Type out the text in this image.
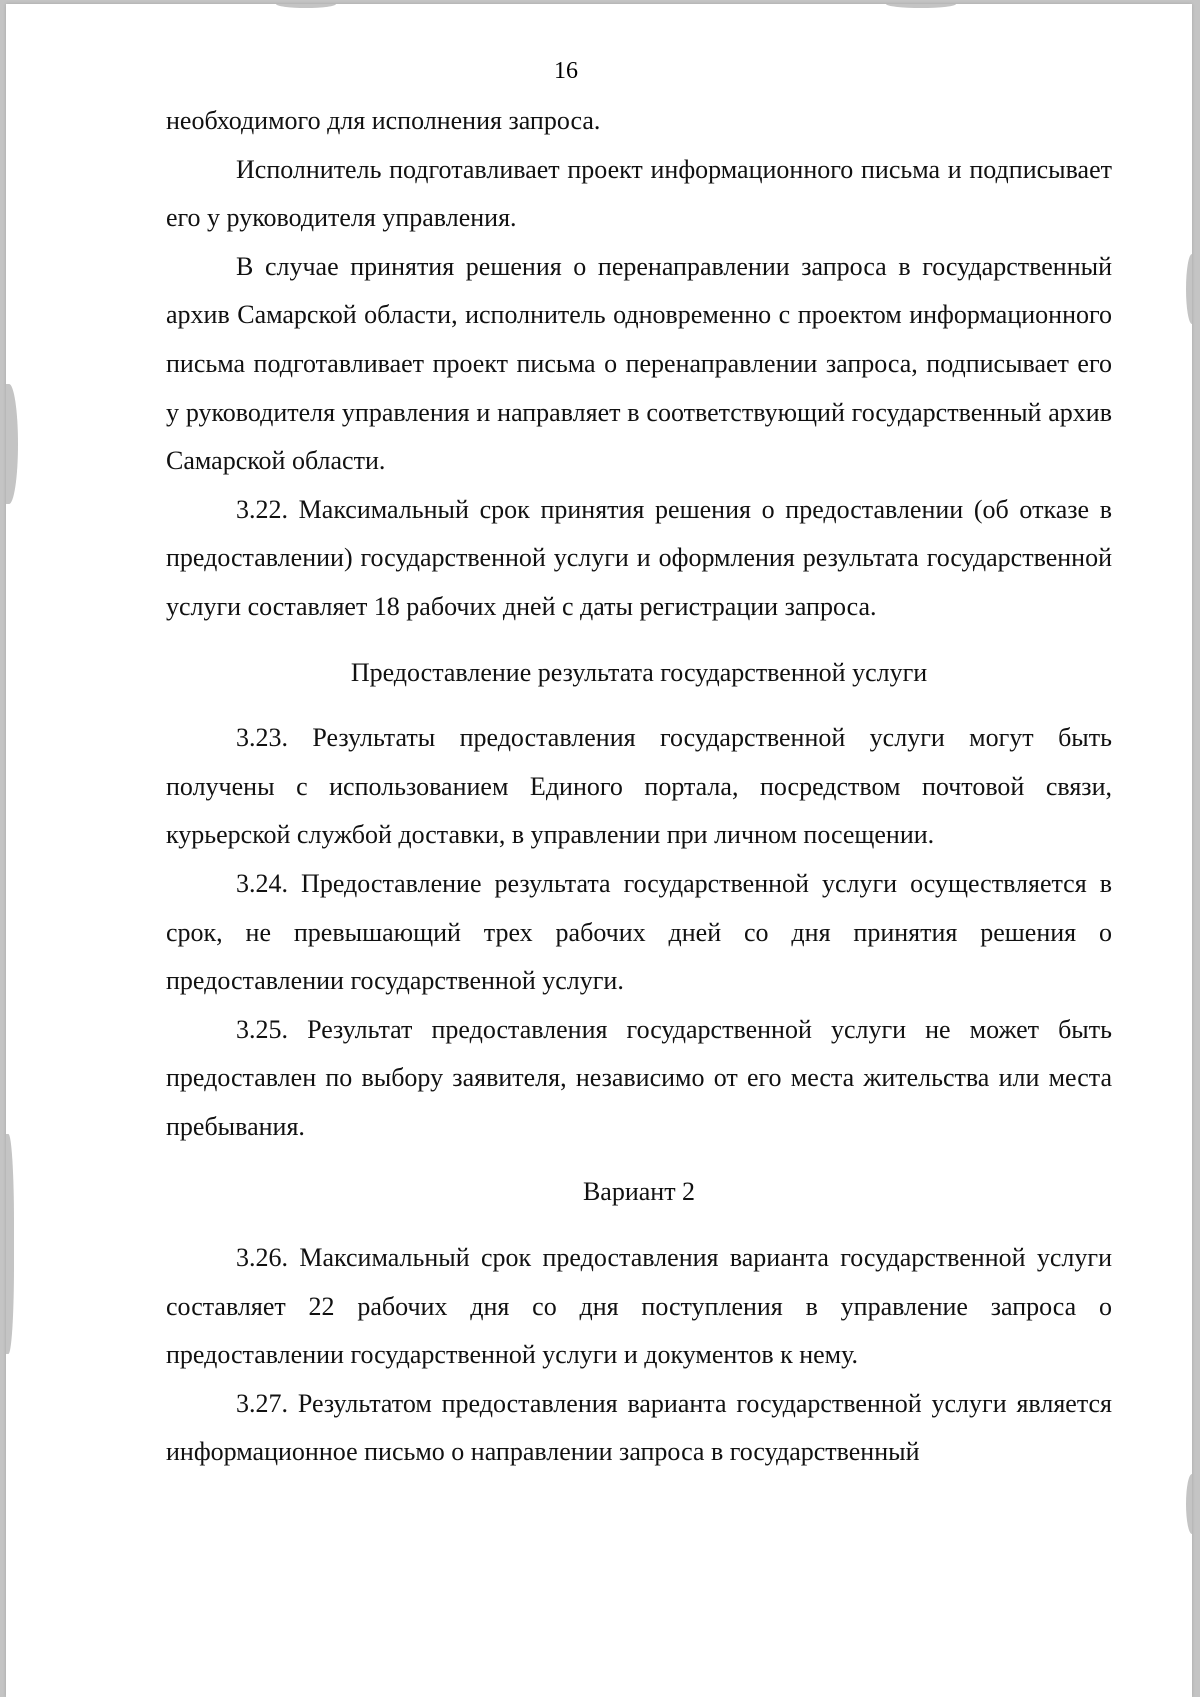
16

необходимого для исполнения запроса.

Исполнитель подготавливает проект информационного письма и подписывает его у руководителя управления.

В случае принятия решения о перенаправлении запроса в государственный архив Самарской области, исполнитель одновременно с проектом информационного письма подготавливает проект письма о перенаправлении запроса, подписывает его у руководителя управления и направляет в соответствующий государственный архив Самарской области.

3.22. Максимальный срок принятия решения о предоставлении (об отказе в предоставлении) государственной услуги и оформления результата государственной услуги составляет 18 рабочих дней с даты регистрации запроса.

Предоставление результата государственной услуги

3.23. Результаты предоставления государственной услуги могут быть получены с использованием Единого портала, посредством почтовой связи, курьерской службой доставки, в управлении при личном посещении.

3.24. Предоставление результата государственной услуги осуществляется в срок, не превышающий трех рабочих дней со дня принятия решения о предоставлении государственной услуги.

3.25. Результат предоставления государственной услуги не может быть предоставлен по выбору заявителя, независимо от его места жительства или места пребывания.

Вариант 2

3.26. Максимальный срок предоставления варианта государственной услуги составляет 22 рабочих дня со дня поступления в управление запроса о предоставлении государственной услуги и документов к нему.

3.27. Результатом предоставления варианта государственной услуги является информационное письмо о направлении запроса в государственный
